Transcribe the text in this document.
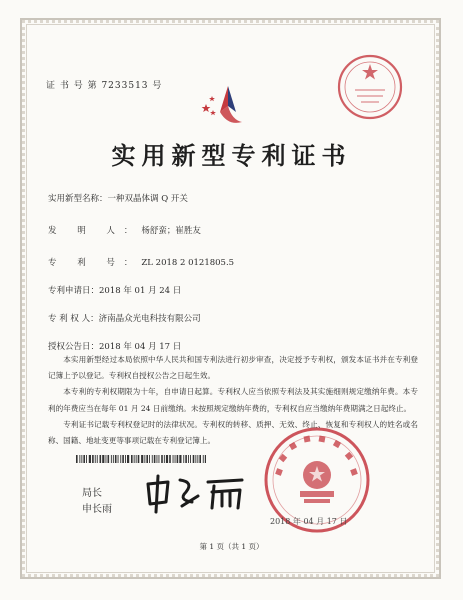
证 书 号 第 7233513 号
实用新型专利证书
实用新型名称：一种双晶体调 Q 开关
发 明 人：杨舒蛮；崔胜友
专 利 号：ZL 2018 2 0121805.5
专利申请日：2018 年 01 月 24 日
专 利 权 人：济南晶众光电科技有限公司
授权公告日：2018 年 04 月 17 日

本实用新型经过本局依照中华人民共和国专利法进行初步审查，决定授予专利权，颁发本证书并在专利登记簿上予以登记。专利权自授权公告之日起生效。

本专利的专利权期限为十年，自申请日起算。专利权人应当依照专利法及其实施细则规定缴纳年费。本专利的年费应当在每年 01 月 24 日前缴纳。未按照规定缴纳年费的，专利权自应当缴纳年费期满之日起终止。

专利证书记载专利权登记时的法律状况。专利权的转移、质押、无效、终止、恢复和专利权人的姓名或名称、国籍、地址变更等事项记载在专利登记簿上。

局长
申长雨
2018 年 04 月 17 日
第 1 页（共 1 页）
